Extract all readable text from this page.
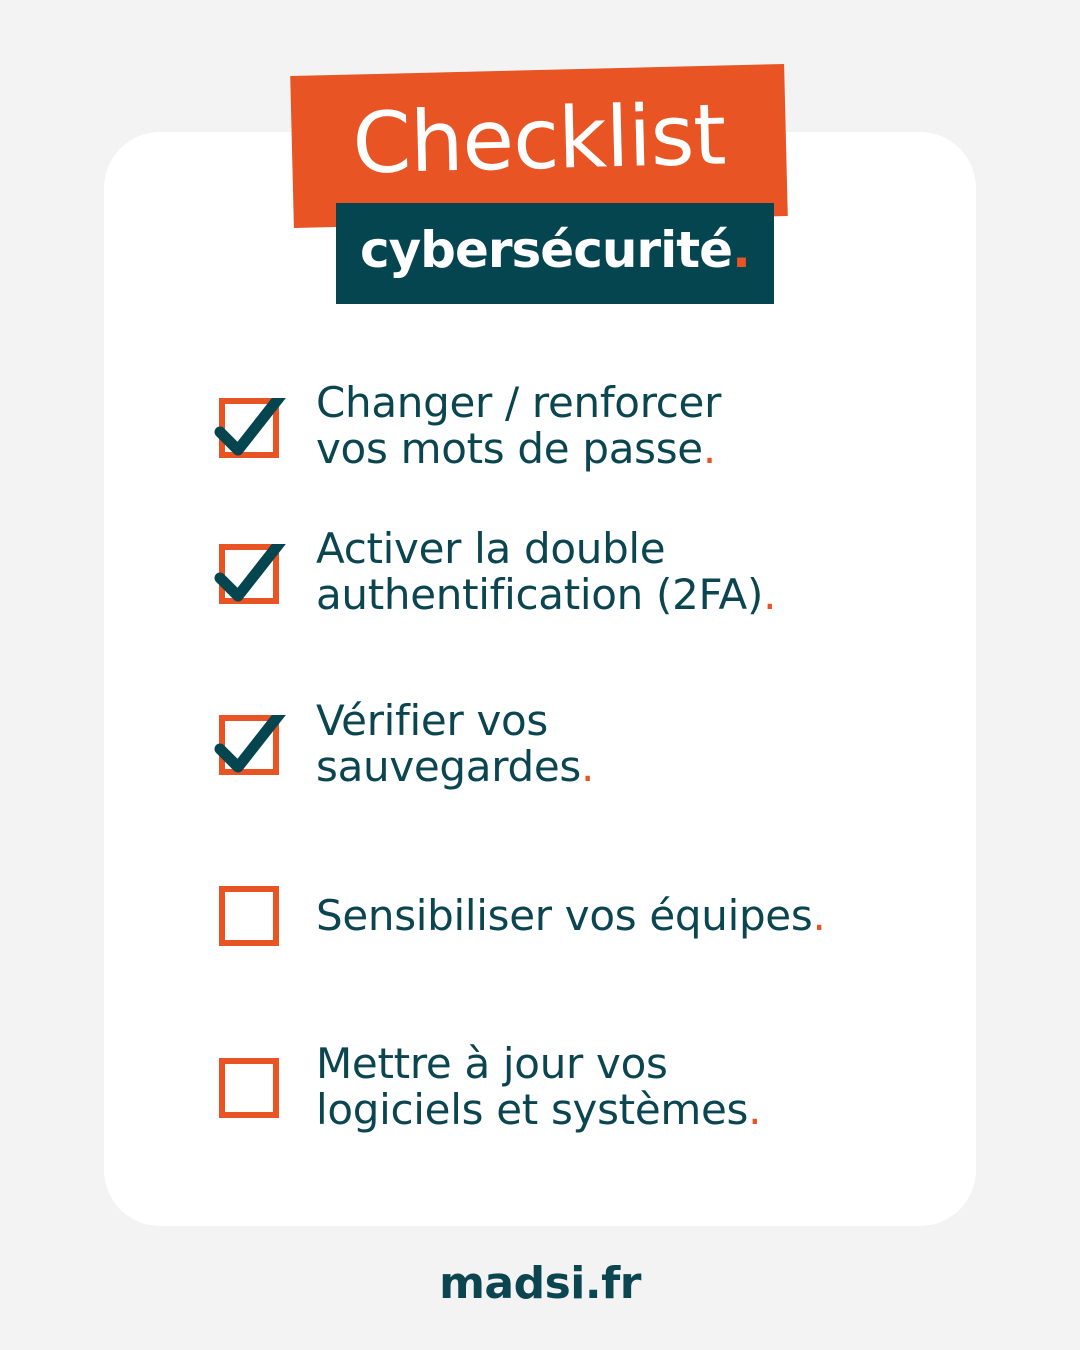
Checklist
cybersécurité .
Changer / renforcer
vos mots de passe.
Activer la double
authentification (2FA).
Vérifier vos
sauvegardes.
Sensibiliser vos équipes.
Mettre à jour vos
logiciels et systèmes.
madsi.fr
